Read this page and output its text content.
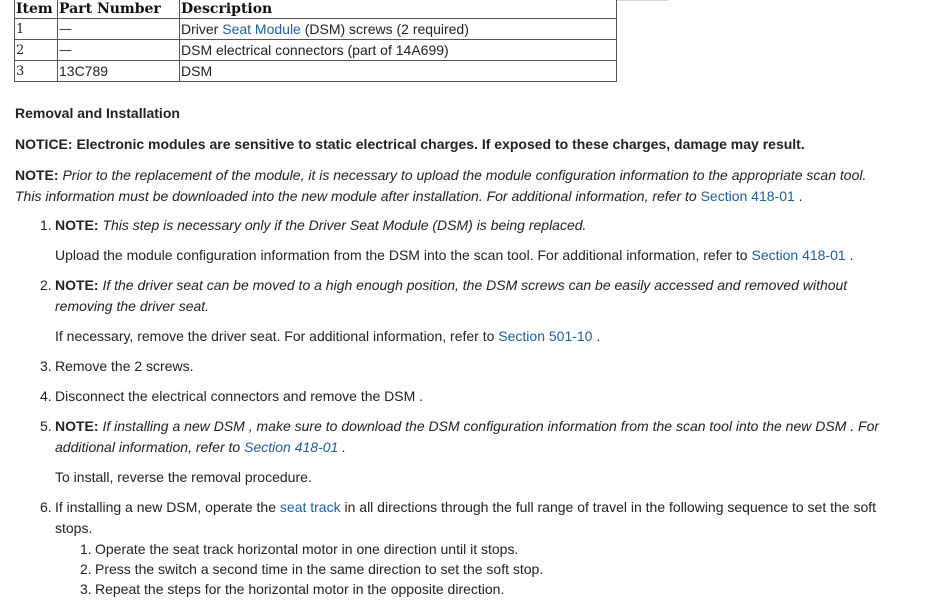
Item	Part Number	Description
1	—	Driver Seat Module (DSM) screws (2 required)
2	—	DSM electrical connectors (part of 14A699)
3	13C789	DSM
Removal and Installation
NOTICE: Electronic modules are sensitive to static electrical charges. If exposed to these charges, damage may result.
NOTE: Prior to the replacement of the module, it is necessary to upload the module configuration information to the appropriate scan tool. This information must be downloaded into the new module after installation. For additional information, refer to Section 418-01 .
1. NOTE: This step is necessary only if the Driver Seat Module (DSM) is being replaced.
Upload the module configuration information from the DSM into the scan tool. For additional information, refer to Section 418-01 .
2. NOTE: If the driver seat can be moved to a high enough position, the DSM screws can be easily accessed and removed without removing the driver seat.
If necessary, remove the driver seat. For additional information, refer to Section 501-10 .
3. Remove the 2 screws.
4. Disconnect the electrical connectors and remove the DSM .
5. NOTE: If installing a new DSM , make sure to download the DSM configuration information from the scan tool into the new DSM . For additional information, refer to Section 418-01 .
To install, reverse the removal procedure.
6. If installing a new DSM, operate the seat track in all directions through the full range of travel in the following sequence to set the soft stops.
1. Operate the seat track horizontal motor in one direction until it stops.
2. Press the switch a second time in the same direction to set the soft stop.
3. Repeat the steps for the horizontal motor in the opposite direction.
